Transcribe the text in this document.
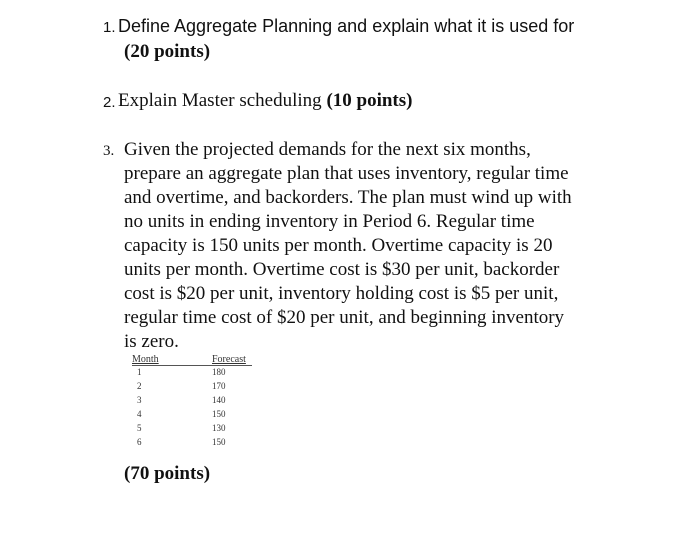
1. Define Aggregate Planning and explain what it is used for
(20 points)
2. Explain Master scheduling (10 points)
3. Given the projected demands for the next six months,
prepare an aggregate plan that uses inventory, regular time
and overtime, and backorders. The plan must wind up with
no units in ending inventory in Period 6. Regular time
capacity is 150 units per month. Overtime capacity is 20
units per month. Overtime cost is $30 per unit, backorder
cost is $20 per unit, inventory holding cost is $5 per unit,
regular time cost of $20 per unit, and beginning inventory
is zero.
Month	Forecast
1	180
2	170
3	140
4	150
5	130
6	150
(70 points)
